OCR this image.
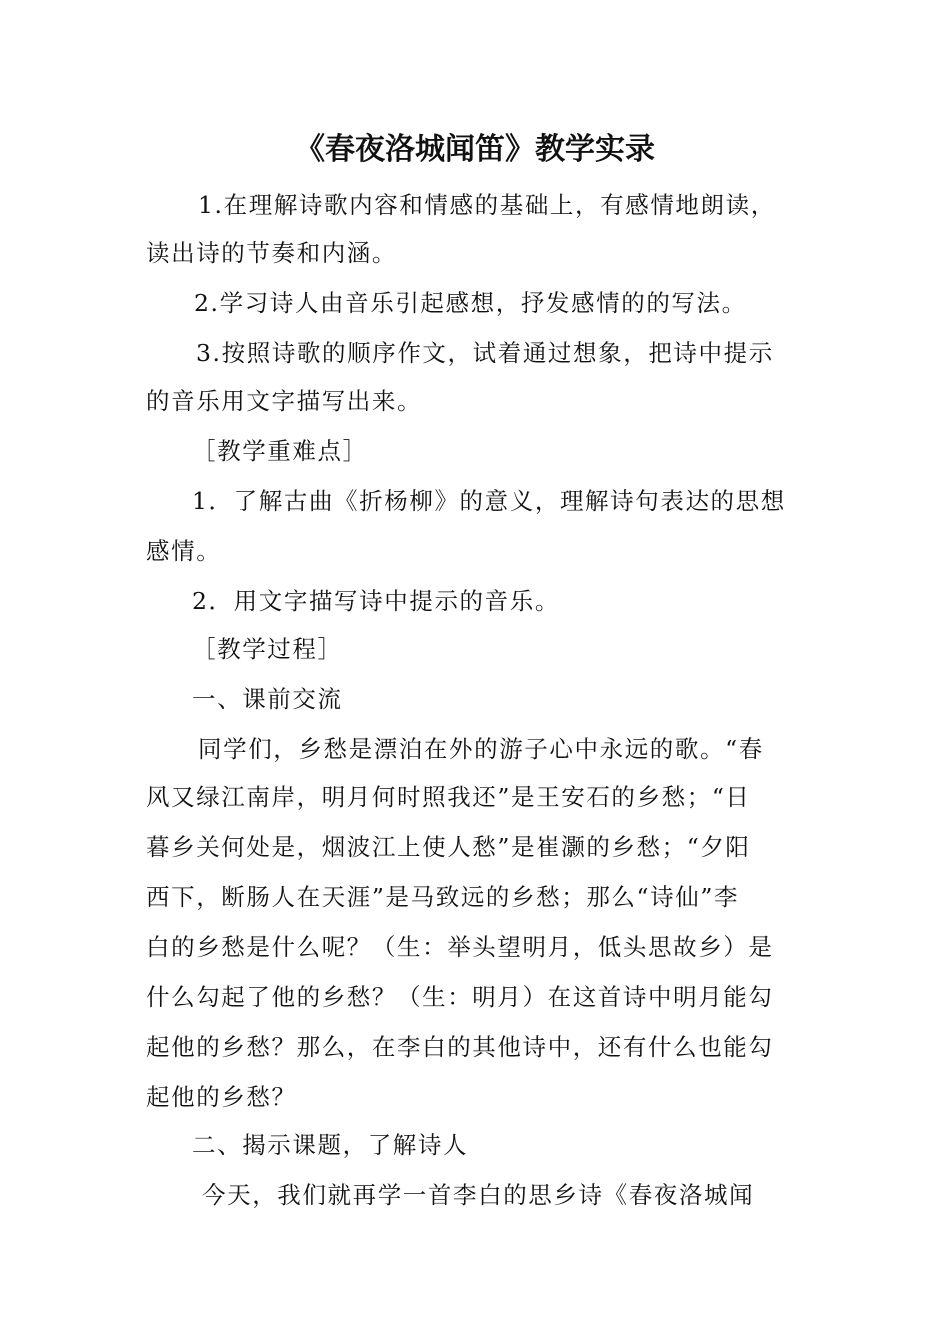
《春夜洛城闻笛》教学实录
1.在理解诗歌内容和情感的基础上，有感情地朗读，
读出诗的节奏和内涵。
2.学习诗人由音乐引起感想，抒发感情的的写法。
3.按照诗歌的顺序作文，试着通过想象，把诗中提示
的音乐用文字描写出来。
［教学重难点］
1．了解古曲《折杨柳》的意义，理解诗句表达的思想
感情。
2．用文字描写诗中提示的音乐。
［教学过程］
一、课前交流
同学们，乡愁是漂泊在外的游子心中永远的歌。“春
风又绿江南岸，明月何时照我还”是王安石的乡愁；“日
暮乡关何处是，烟波江上使人愁”是崔灏的乡愁；“夕阳
西下，断肠人在天涯”是马致远的乡愁；那么“诗仙”李
白的乡愁是什么呢？（生：举头望明月，低头思故乡）是
什么勾起了他的乡愁？（生：明月）在这首诗中明月能勾
起他的乡愁？那么，在李白的其他诗中，还有什么也能勾
起他的乡愁？
二、揭示课题，了解诗人
今天，我们就再学一首李白的思乡诗《春夜洛城闻
